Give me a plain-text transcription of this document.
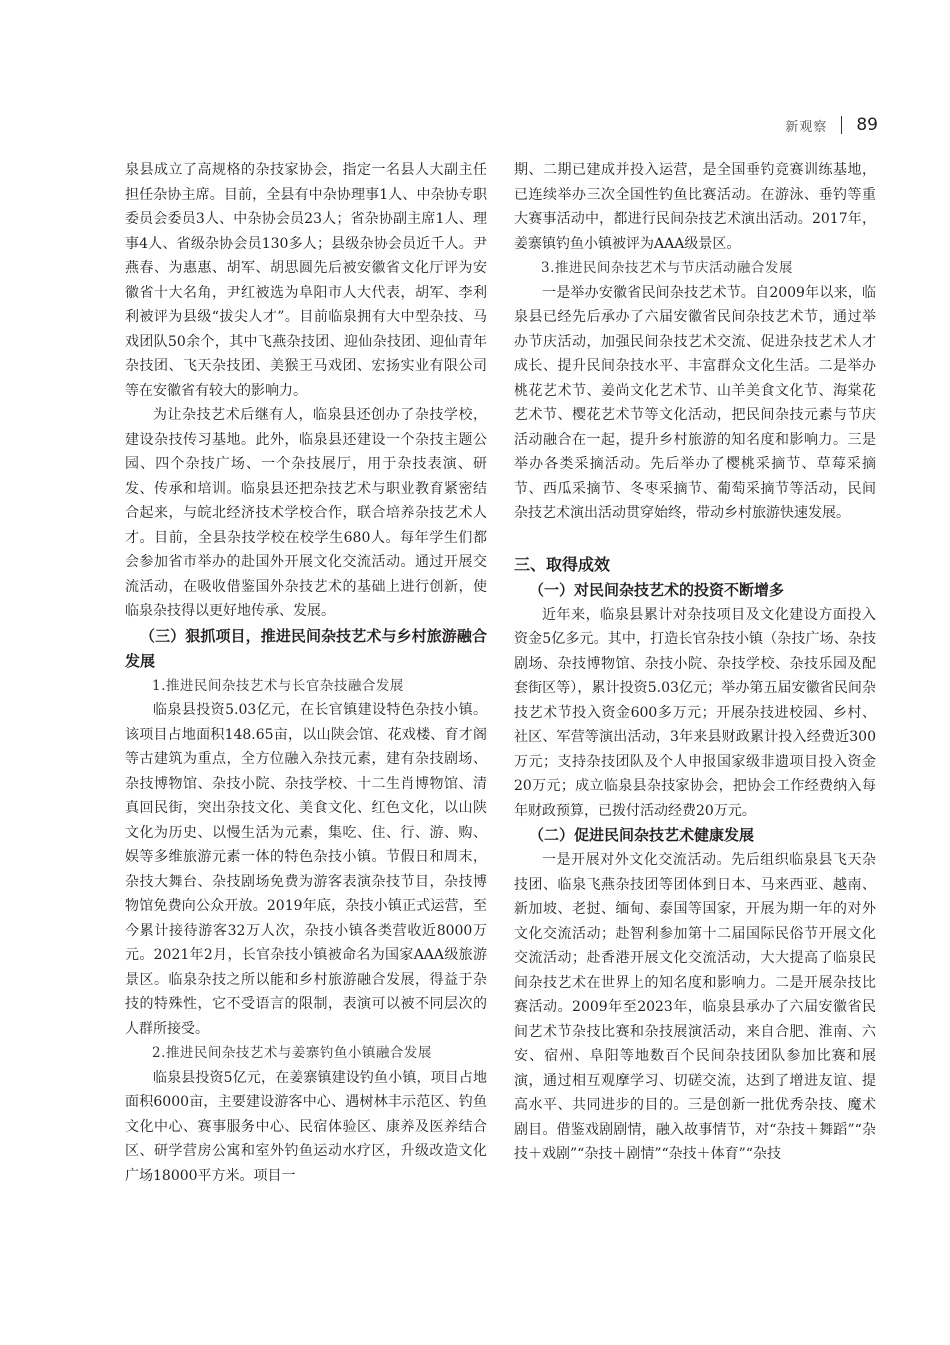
新观察 89

泉县成立了高规格的杂技家协会，指定一名县人大副主任担任杂协主席。目前，全县有中杂协理事1人、中杂协专职委员会委员3人、中杂协会员23人；省杂协副主席1人、理事4人、省级杂协会员130多人；县级杂协会员近千人。尹燕春、为惠惠、胡军、胡思圆先后被安徽省文化厅评为安徽省十大名角，尹红被选为阜阳市人大代表，胡军、李利利被评为县级“拔尖人才”。目前临泉拥有大中型杂技、马戏团队50余个，其中飞燕杂技团、迎仙杂技团、迎仙青年杂技团、飞天杂技团、美猴王马戏团、宏扬实业有限公司等在安徽省有较大的影响力。

为让杂技艺术后继有人，临泉县还创办了杂技学校，建设杂技传习基地。此外，临泉县还建设一个杂技主题公园、四个杂技广场、一个杂技展厅，用于杂技表演、研发、传承和培训。临泉县还把杂技艺术与职业教育紧密结合起来，与皖北经济技术学校合作，联合培养杂技艺术人才。目前，全县杂技学校在校学生680人。每年学生们都会参加省市举办的赴国外开展文化交流活动。通过开展交流活动，在吸收借鉴国外杂技艺术的基础上进行创新，使临泉杂技得以更好地传承、发展。

（三）狠抓项目，推进民间杂技艺术与乡村旅游融合发展
1.推进民间杂技艺术与长官杂技融合发展

临泉县投资5.03亿元，在长官镇建设特色杂技小镇。该项目占地面积148.65亩，以山陕会馆、花戏楼、育才阁等古建筑为重点，全方位融入杂技元素，建有杂技剧场、杂技博物馆、杂技小院、杂技学校、十二生肖博物馆、清真回民街，突出杂技文化、美食文化、红色文化，以山陕文化为历史、以慢生活为元素，集吃、住、行、游、购、娱等多维旅游元素一体的特色杂技小镇。节假日和周末，杂技大舞台、杂技剧场免费为游客表演杂技节目，杂技博物馆免费向公众开放。2019年底，杂技小镇正式运营，至今累计接待游客32万人次，杂技小镇各类营收近8000万元。2021年2月，长官杂技小镇被命名为国家AAA级旅游景区。临泉杂技之所以能和乡村旅游融合发展，得益于杂技的特殊性，它不受语言的限制，表演可以被不同层次的人群所接受。

2.推进民间杂技艺术与姜寨钓鱼小镇融合发展

临泉县投资5亿元，在姜寨镇建设钓鱼小镇，项目占地面积6000亩，主要建设游客中心、遇树林丰示范区、钓鱼文化中心、赛事服务中心、民宿体验区、康养及医养结合区、研学营房公寓和室外钓鱼运动水疗区，升级改造文化广场18000平方米。项目一

期、二期已建成并投入运营，是全国垂钓竞赛训练基地，已连续举办三次全国性钓鱼比赛活动。在游泳、垂钓等重大赛事活动中，都进行民间杂技艺术演出活动。2017年，姜寨镇钓鱼小镇被评为AAA级景区。

3.推进民间杂技艺术与节庆活动融合发展

一是举办安徽省民间杂技艺术节。自2009年以来，临泉县已经先后承办了六届安徽省民间杂技艺术节，通过举办节庆活动，加强民间杂技艺术交流、促进杂技艺术人才成长、提升民间杂技水平、丰富群众文化生活。二是举办桃花艺术节、姜尚文化艺术节、山羊美食文化节、海棠花艺术节、樱花艺术节等文化活动，把民间杂技元素与节庆活动融合在一起，提升乡村旅游的知名度和影响力。三是举办各类采摘活动。先后举办了樱桃采摘节、草莓采摘节、西瓜采摘节、冬枣采摘节、葡萄采摘节等活动，民间杂技艺术演出活动贯穿始终，带动乡村旅游快速发展。

三、取得成效
（一）对民间杂技艺术的投资不断增多

近年来，临泉县累计对杂技项目及文化建设方面投入资金5亿多元。其中，打造长官杂技小镇（杂技广场、杂技剧场、杂技博物馆、杂技小院、杂技学校、杂技乐园及配套街区等），累计投资5.03亿元；举办第五届安徽省民间杂技艺术节投入资金600多万元；开展杂技进校园、乡村、社区、军营等演出活动，3年来县财政累计投入经费近300万元；支持杂技团队及个人申报国家级非遗项目投入资金20万元；成立临泉县杂技家协会，把协会工作经费纳入每年财政预算，已拨付活动经费20万元。

（二）促进民间杂技艺术健康发展

一是开展对外文化交流活动。先后组织临泉县飞天杂技团、临泉飞燕杂技团等团体到日本、马来西亚、越南、新加坡、老挝、缅甸、泰国等国家，开展为期一年的对外文化交流活动；赴智利参加第十二届国际民俗节开展文化交流活动；赴香港开展文化交流活动，大大提高了临泉民间杂技艺术在世界上的知名度和影响力。二是开展杂技比赛活动。2009年至2023年，临泉县承办了六届安徽省民间艺术节杂技比赛和杂技展演活动，来自合肥、淮南、六安、宿州、阜阳等地数百个民间杂技团队参加比赛和展演，通过相互观摩学习、切磋交流，达到了增进友谊、提高水平、共同进步的目的。三是创新一批优秀杂技、魔术剧目。借鉴戏剧剧情，融入故事情节，对“杂技＋舞蹈”“杂技＋戏剧”“杂技＋剧情”“杂技＋体育”“杂技
